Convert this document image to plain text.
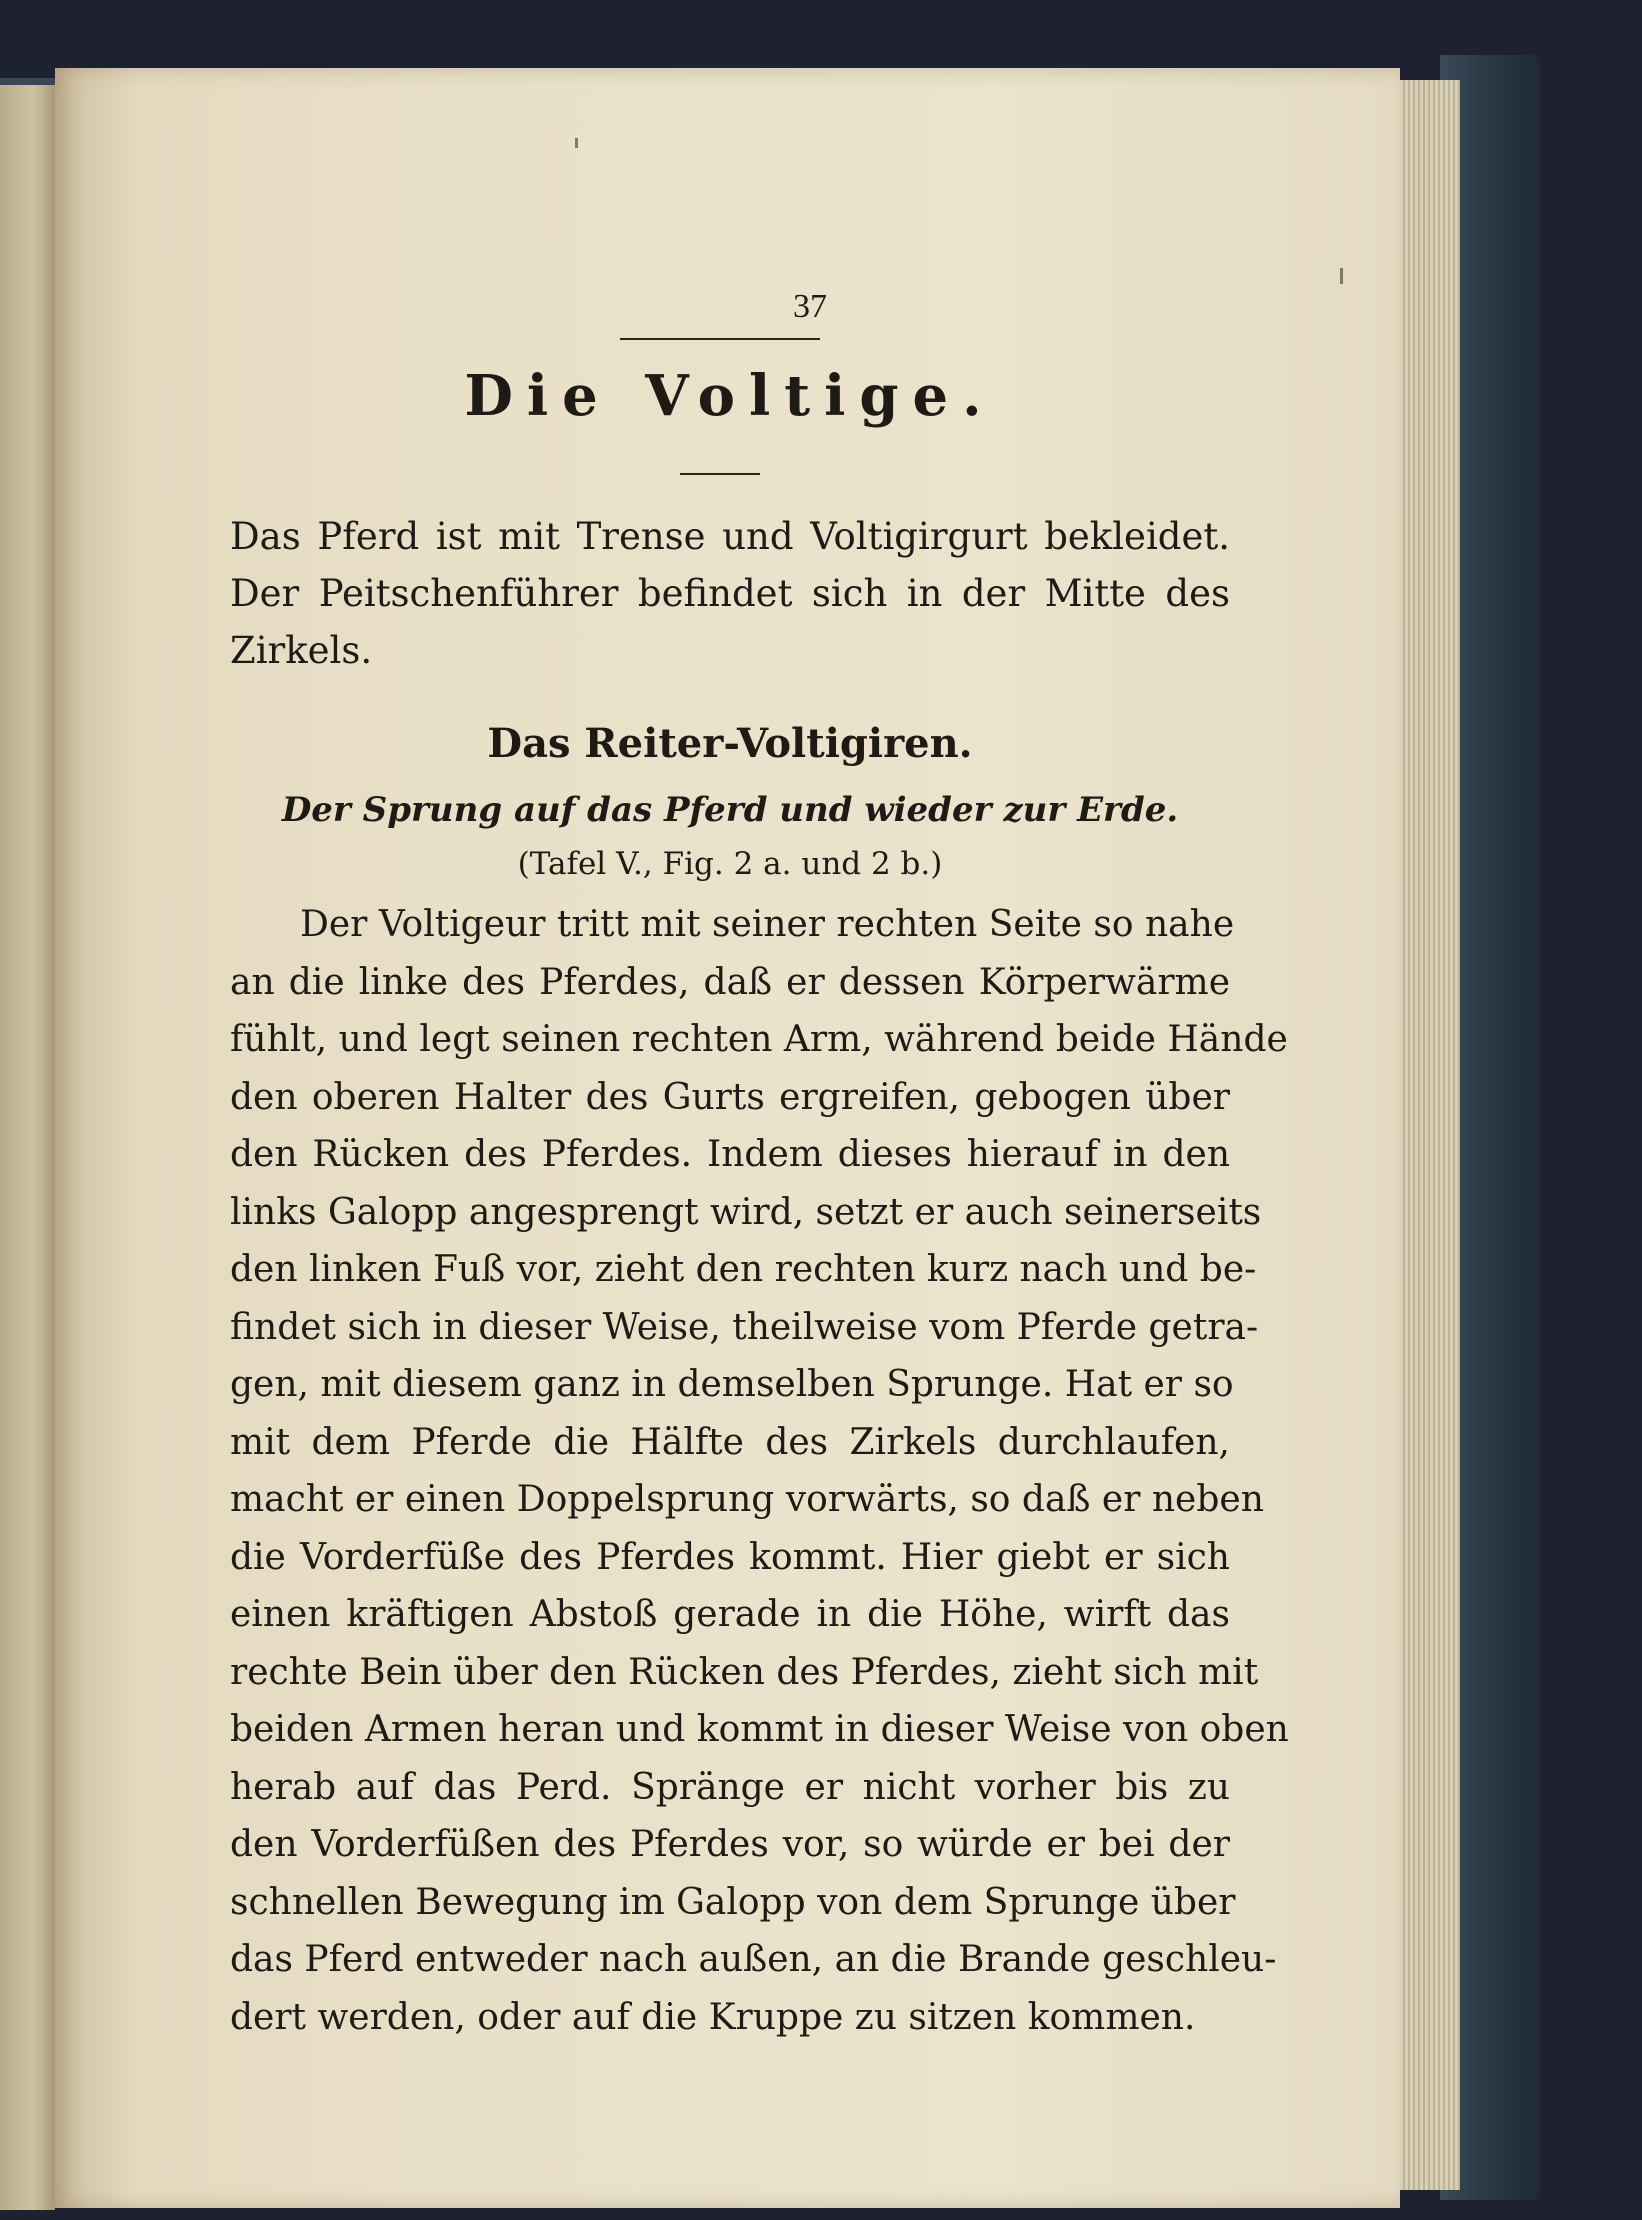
37
Die Voltige.
Das Pferd ist mit Trense und Voltigirgurt bekleidet.
Der Peitschenführer befindet sich in der Mitte des
Zirkels.
Das Reiter-Voltigiren.
Der Sprung auf das Pferd und wieder zur Erde.
(Tafel V., Fig. 2 a. und 2 b.)
Der Voltigeur tritt mit seiner rechten Seite so nahe
an die linke des Pferdes, daß er dessen Körperwärme
fühlt, und legt seinen rechten Arm, während beide Hände
den oberen Halter des Gurts ergreifen, gebogen über
den Rücken des Pferdes. Indem dieses hierauf in den
links Galopp angesprengt wird, setzt er auch seinerseits
den linken Fuß vor, zieht den rechten kurz nach und be-
findet sich in dieser Weise, theilweise vom Pferde getra-
gen, mit diesem ganz in demselben Sprunge. Hat er so
mit dem Pferde die Hälfte des Zirkels durchlaufen,
macht er einen Doppelsprung vorwärts, so daß er neben
die Vorderfüße des Pferdes kommt. Hier giebt er sich
einen kräftigen Abstoß gerade in die Höhe, wirft das
rechte Bein über den Rücken des Pferdes, zieht sich mit
beiden Armen heran und kommt in dieser Weise von oben
herab auf das Perd. Spränge er nicht vorher bis zu
den Vorderfüßen des Pferdes vor, so würde er bei der
schnellen Bewegung im Galopp von dem Sprunge über
das Pferd entweder nach außen, an die Brande geschleu-
dert werden, oder auf die Kruppe zu sitzen kommen.
